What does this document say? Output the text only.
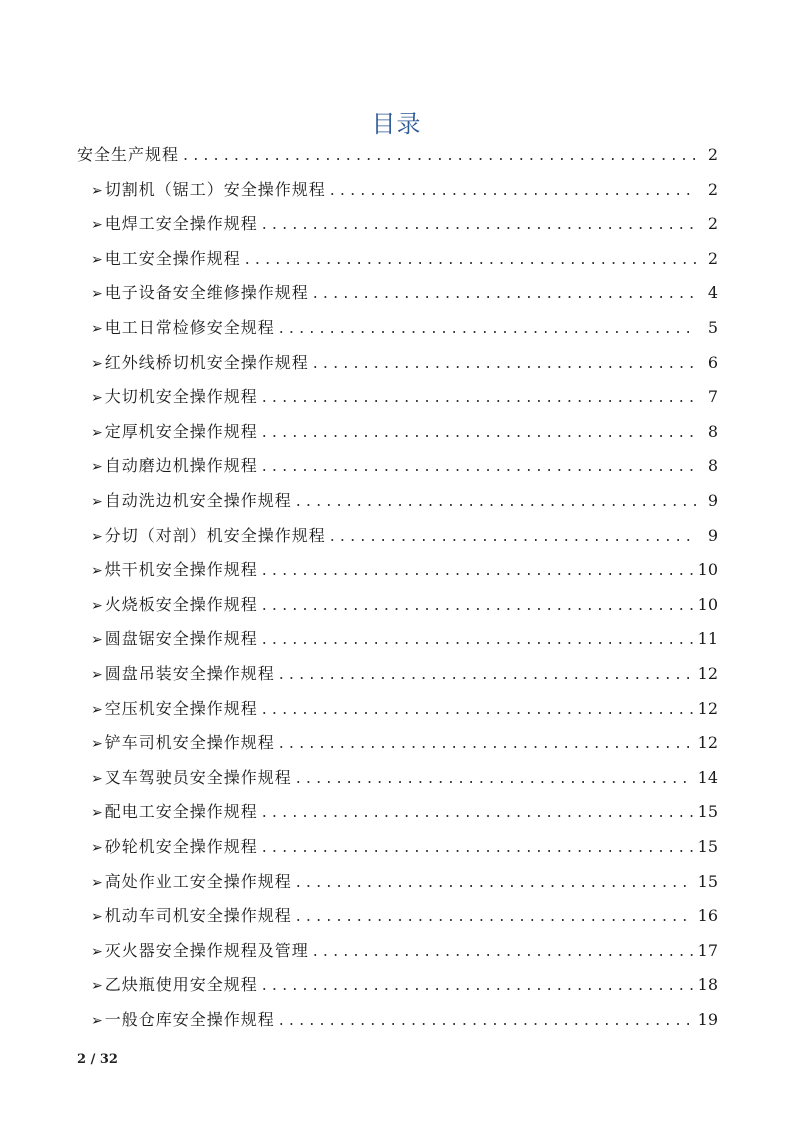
目录
安全生产规程 . . .	2
➢ 切割机（锯工）安全操作规程 . . .	2
➢ 电焊工安全操作规程 . . .	2
➢ 电工安全操作规程 . . .	2
➢ 电子设备安全维修操作规程 . . .	4
➢ 电工日常检修安全规程 . . .	5
➢ 红外线桥切机安全操作规程 . . .	6
➢ 大切机安全操作规程 . . .	7
➢ 定厚机安全操作规程 . . .	8
➢ 自动磨边机操作规程 . . .	8
➢ 自动洗边机安全操作规程 . . .	9
➢ 分切（对剖）机安全操作规程 . . .	9
➢ 烘干机安全操作规程 . . .	10
➢ 火烧板安全操作规程 . . .	10
➢ 圆盘锯安全操作规程 . . .	11
➢ 圆盘吊装安全操作规程 . . .	12
➢ 空压机安全操作规程 . . .	12
➢ 铲车司机安全操作规程 . . .	12
➢ 叉车驾驶员安全操作规程 . . .	14
➢ 配电工安全操作规程 . . .	15
➢ 砂轮机安全操作规程 . . .	15
➢ 高处作业工安全操作规程 . . .	15
➢ 机动车司机安全操作规程 . . .	16
➢ 灭火器安全操作规程及管理 . . .	17
➢ 乙炔瓶使用安全规程 . . .	18
➢ 一般仓库安全操作规程 . . .	19
2 / 32
